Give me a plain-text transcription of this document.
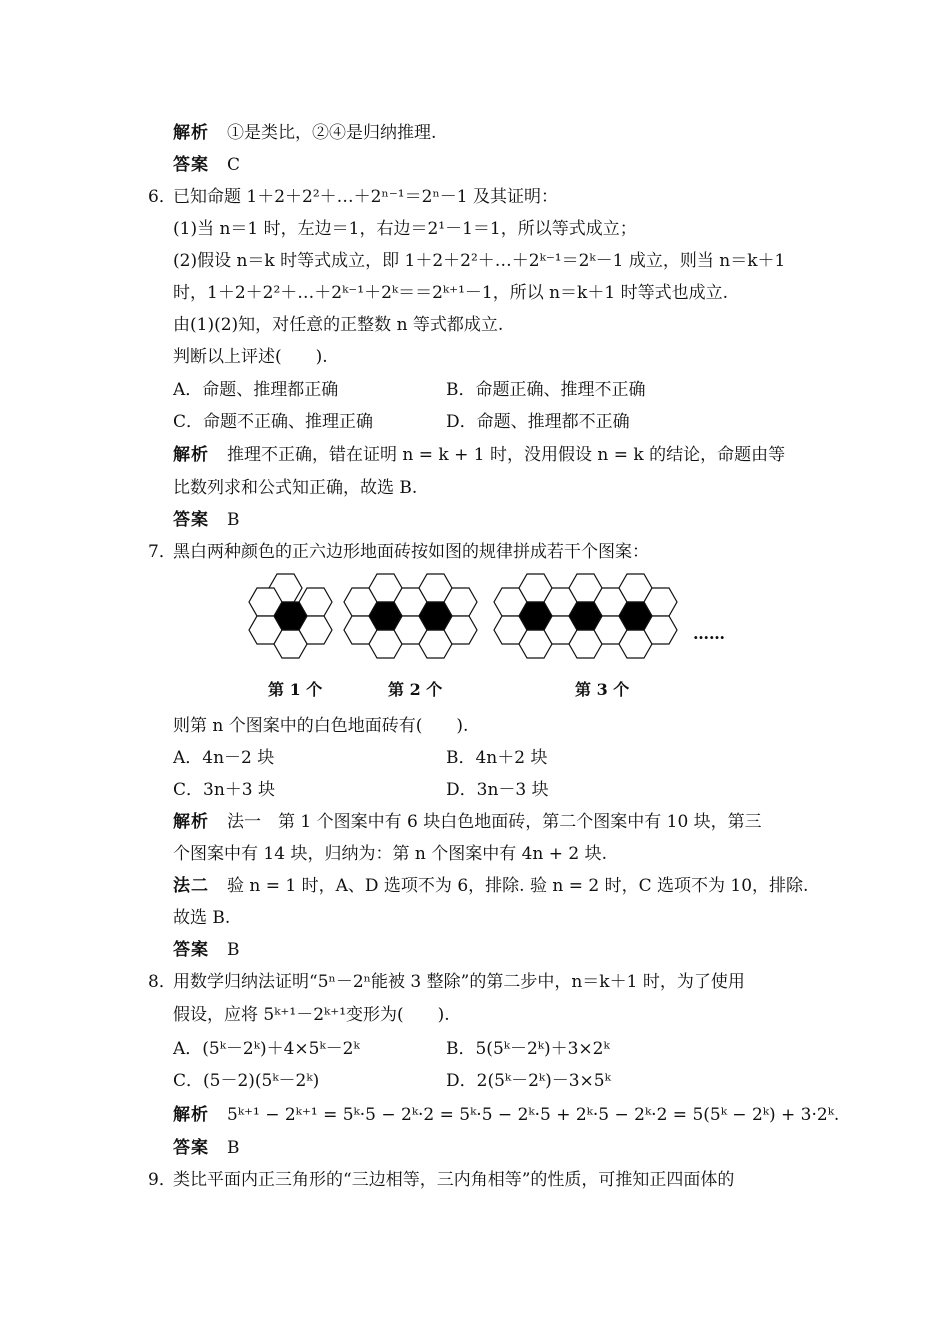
解析 ①是类比，②④是归纳推理.
答案 C
6．
已知命题 1＋2＋2²＋…＋2ⁿ⁻¹＝2ⁿ－1 及其证明：
(1)当 n＝1 时，左边＝1，右边＝2¹－1＝1，所以等式成立；
(2)假设 n＝k 时等式成立，即 1＋2＋2²＋…＋2ᵏ⁻¹＝2ᵏ－1 成立，则当 n＝k＋1
时，1＋2＋2²＋…＋2ᵏ⁻¹＋2ᵏ＝＝2ᵏ⁺¹－1，所以 n＝k＋1 时等式也成立.
由(1)(2)知，对任意的正整数 n 等式都成立.
判断以上评述(　　).
A．命题、推理都正确	B．命题正确、推理不正确
C．命题不正确、推理正确	D．命题、推理都不正确
解析 推理不正确，错在证明 n = k + 1 时，没用假设 n = k 的结论，命题由等
比数列求和公式知正确，故选 B.
答案 B
7．
黑白两种颜色的正六边形地面砖按如图的规律拼成若干个图案：
……
第 1 个	第 2 个	第 3 个
则第 n 个图案中的白色地面砖有(　　).
A．4n－2 块	B．4n＋2 块
C．3n＋3 块	D．3n－3 块
解析 法一　第 1 个图案中有 6 块白色地面砖，第二个图案中有 10 块，第三
个图案中有 14 块，归纳为：第 n 个图案中有 4n + 2 块.
法二 验 n = 1 时，A、D 选项不为 6，排除. 验 n = 2 时，C 选项不为 10，排除.
故选 B.
答案 B
8．
用数学归纳法证明“5ⁿ－2ⁿ能被 3 整除”的第二步中，n＝k＋1 时，为了使用
假设，应将 5ᵏ⁺¹－2ᵏ⁺¹变形为(　　).
A．(5ᵏ－2ᵏ)＋4×5ᵏ－2ᵏ	B．5(5ᵏ－2ᵏ)＋3×2ᵏ
C．(5－2)(5ᵏ－2ᵏ)	D．2(5ᵏ－2ᵏ)－3×5ᵏ
解析 5ᵏ⁺¹ − 2ᵏ⁺¹ = 5ᵏ·5 − 2ᵏ·2 = 5ᵏ·5 − 2ᵏ·5 + 2ᵏ·5 − 2ᵏ·2 = 5(5ᵏ − 2ᵏ) + 3·2ᵏ.
答案 B
9．
类比平面内正三角形的“三边相等，三内角相等”的性质，可推知正四面体的
